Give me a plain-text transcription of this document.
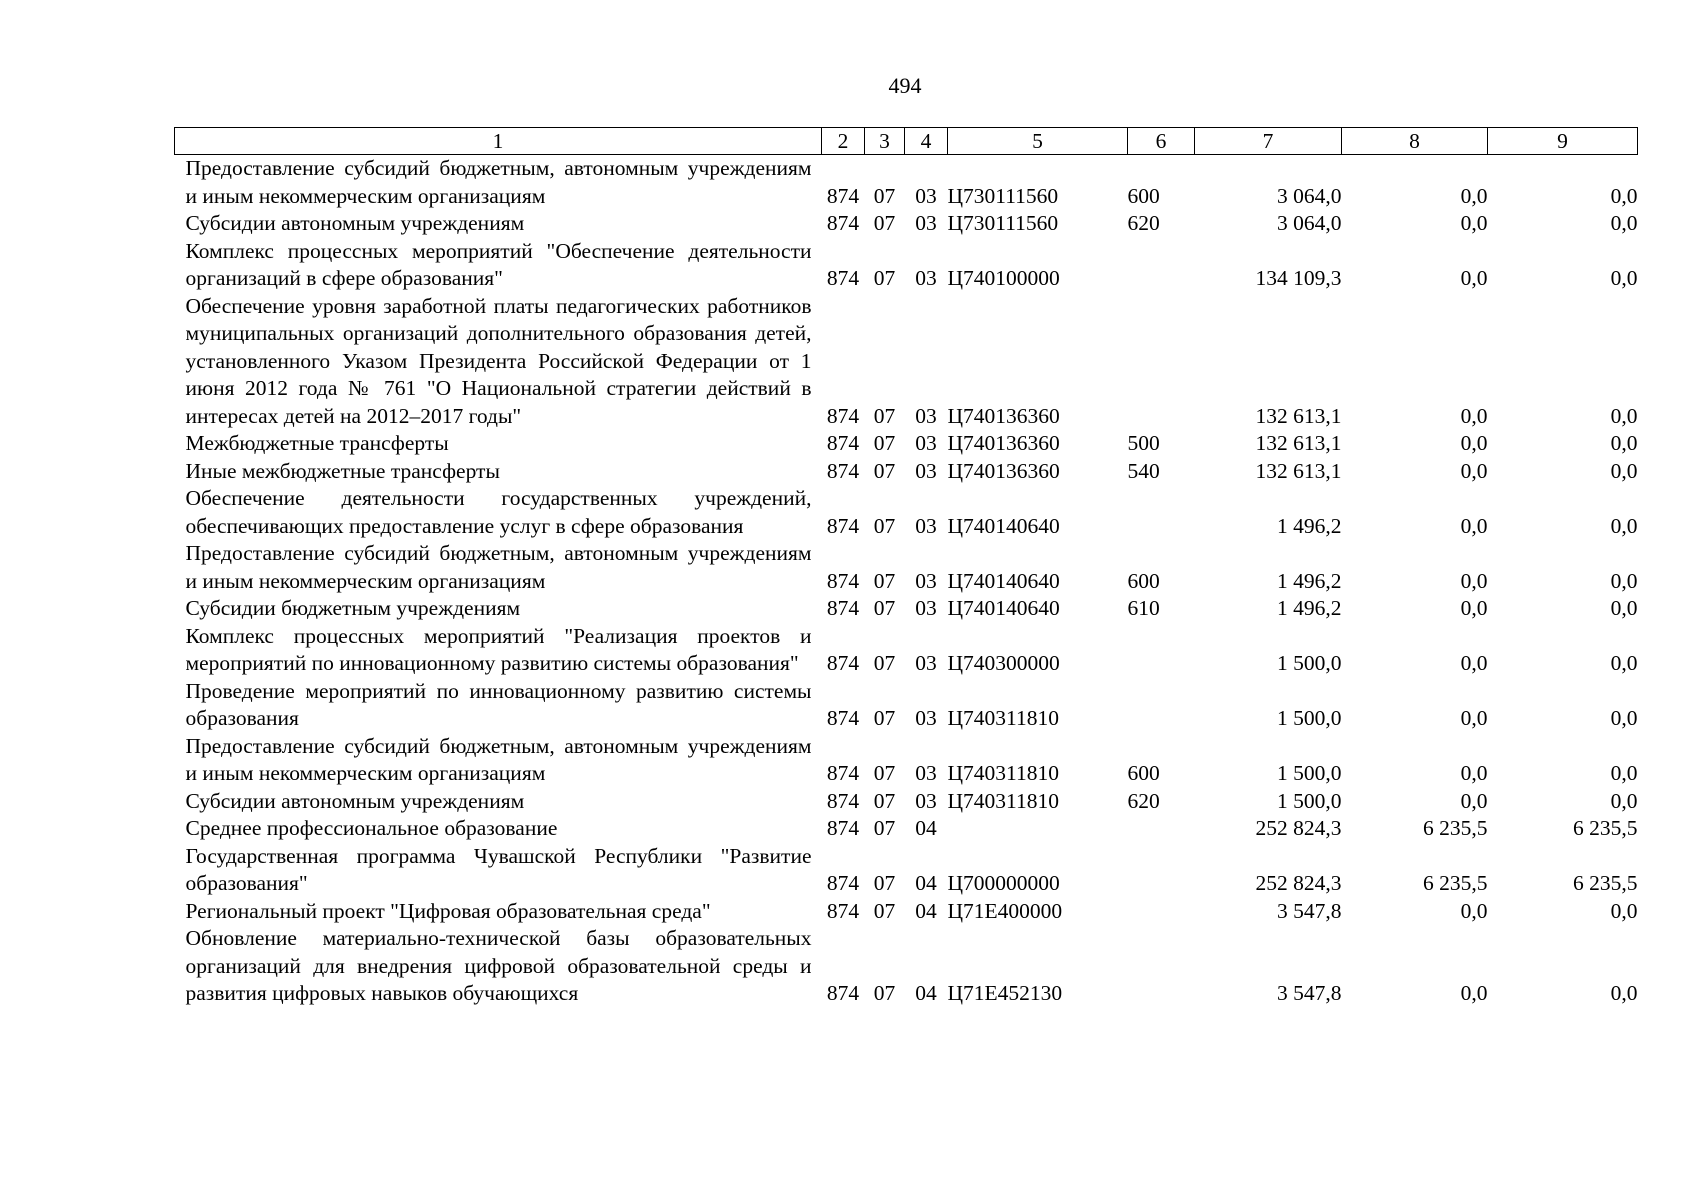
494
1	2	3	4	5	6	7	8	9
Предоставление субсидий бюджетным, автономным учреждениям и иным некоммерческим организациям	874	07	03	Ц730111560	600	3 064,0	0,0	0,0
Субсидии автономным учреждениям	874	07	03	Ц730111560	620	3 064,0	0,0	0,0
Комплекс процессных мероприятий "Обеспечение деятельности организаций в сфере образования"	874	07	03	Ц740100000		134 109,3	0,0	0,0
Обеспечение уровня заработной платы педагогических работников муниципальных организаций дополнительного образования детей, установленного Указом Президента Российской Федерации от 1 июня 2012 года № 761 "О Национальной стратегии действий в интересах детей на 2012–2017 годы"	874	07	03	Ц740136360		132 613,1	0,0	0,0
Межбюджетные трансферты	874	07	03	Ц740136360	500	132 613,1	0,0	0,0
Иные межбюджетные трансферты	874	07	03	Ц740136360	540	132 613,1	0,0	0,0
Обеспечение деятельности государственных учреждений, обеспечивающих предоставление услуг в сфере образования	874	07	03	Ц740140640		1 496,2	0,0	0,0
Предоставление субсидий бюджетным, автономным учреждениям и иным некоммерческим организациям	874	07	03	Ц740140640	600	1 496,2	0,0	0,0
Субсидии бюджетным учреждениям	874	07	03	Ц740140640	610	1 496,2	0,0	0,0
Комплекс процессных мероприятий "Реализация проектов и мероприятий по инновационному развитию системы образования"	874	07	03	Ц740300000		1 500,0	0,0	0,0
Проведение мероприятий по инновационному развитию системы образования	874	07	03	Ц740311810		1 500,0	0,0	0,0
Предоставление субсидий бюджетным, автономным учреждениям и иным некоммерческим организациям	874	07	03	Ц740311810	600	1 500,0	0,0	0,0
Субсидии автономным учреждениям	874	07	03	Ц740311810	620	1 500,0	0,0	0,0
Среднее профессиональное образование	874	07	04			252 824,3	6 235,5	6 235,5
Государственная программа Чувашской Республики "Развитие образования"	874	07	04	Ц700000000		252 824,3	6 235,5	6 235,5
Региональный проект "Цифровая образовательная среда"	874	07	04	Ц71Е400000		3 547,8	0,0	0,0
Обновление материально-технической базы образовательных организаций для внедрения цифровой образовательной среды и развития цифровых навыков обучающихся	874	07	04	Ц71Е452130		3 547,8	0,0	0,0
